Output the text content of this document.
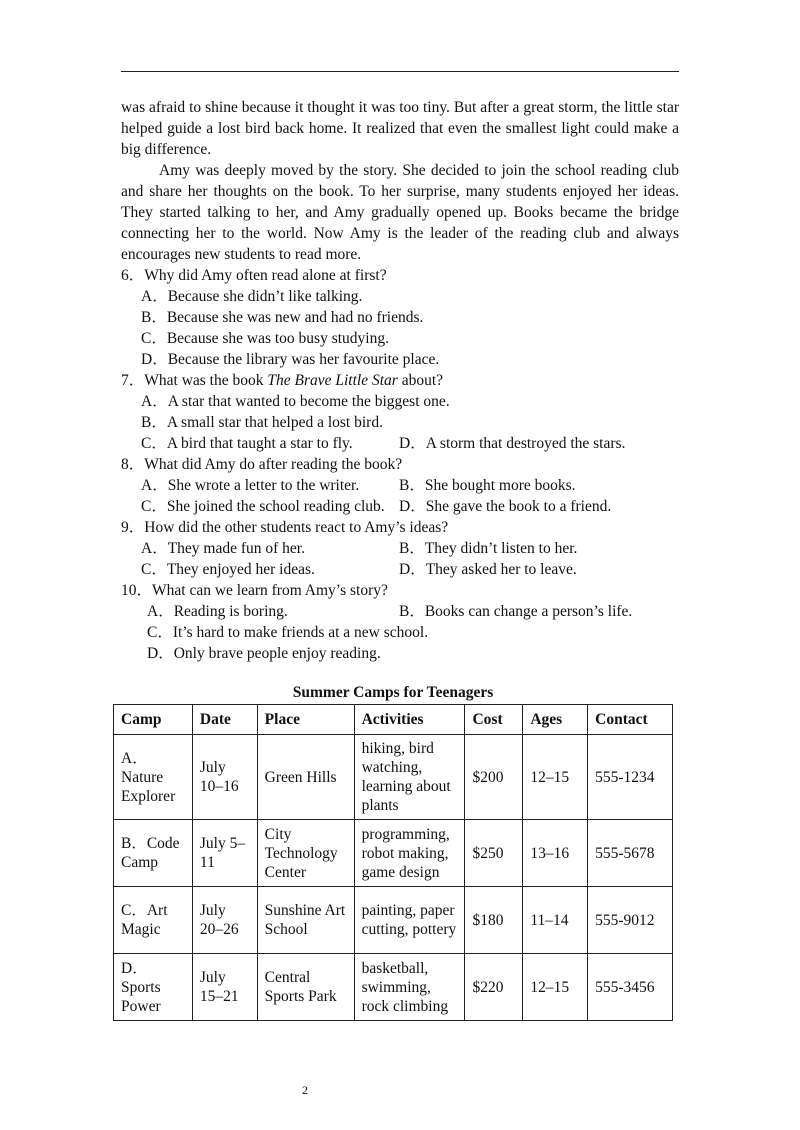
was afraid to shine because it thought it was too tiny. But after a great storm, the little star helped guide a lost bird back home. It realized that even the smallest light could make a big difference.

Amy was deeply moved by the story. She decided to join the school reading club and share her thoughts on the book. To her surprise, many students enjoyed her ideas. They started talking to her, and Amy gradually opened up. Books became the bridge connecting her to the world. Now Amy is the leader of the reading club and always encourages new students to read more.

6．Why did Amy often read alone at first?

A．Because she didn’t like talking.

B．Because she was new and had no friends.

C．Because she was too busy studying.

D．Because the library was her favourite place.

7．What was the book The Brave Little Star about?

A．A star that wanted to become the biggest one.

B．A small star that helped a lost bird.

C．A bird that taught a star to fly.	D．A storm that destroyed the stars.

8．What did Amy do after reading the book?

A．She wrote a letter to the writer.	B．She bought more books.
C．She joined the school reading club. D．She gave the book to a friend.

9．How did the other students react to Amy’s ideas?

A．They made fun of her.	B．They didn’t listen to her.
C．They enjoyed her ideas.	D．They asked her to leave.

10．What can we learn from Amy’s story?

A．Reading is boring.	B．Books can change a person’s life.

C．It’s hard to make friends at a new school.

D．Only brave people enjoy reading.

Summer Camps for Teenagers
Camp	Date	Place	Activities	Cost	Ages	Contact
A．Nature Explorer	July 10–16	Green Hills	hiking, bird watching, learning about plants	$200	12–15	555-1234
B．Code Camp	July 5–11	City Technology Center	programming, robot making, game design	$250	13–16	555-5678
C．Art Magic	July 20–26	Sunshine Art School	painting, paper cutting, pottery	$180	11–14	555-9012
D．Sports Power	July 15–21	Central Sports Park	basketball, swimming, rock climbing	$220	12–15	555-3456
2
